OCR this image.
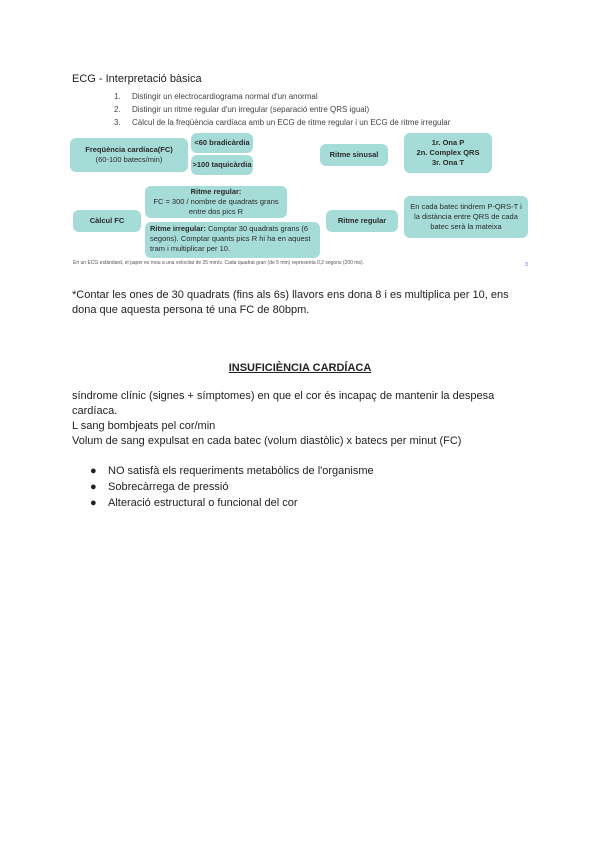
ECG - Interpretació bàsica
1. Distingir un electrocardiograma normal d'un anormal
2. Distingir un ritme regular d'un irregular (separació entre QRS igual)
3. Càlcul de la freqüència cardíaca amb un ECG de ritme regular i un ECG de ritme irregular
Freqüència cardíaca(FC)
(60-100 batecs/min)
<60 bradicàrdia
>100 taquicàrdia
Ritme sinusal
1r. Ona P
2n. Complex QRS
3r. Ona T
Càlcul FC
Ritme regular:
FC = 300 / nombre de quadrats grans entre dos pics R
Ritme irregular: Comptar 30 quadrats grans (6 segons). Comptar quants pics R hi ha en aquest tram i multiplicar per 10.
Ritme regular
En cada batec tindrem P-QRS-T i la distància entre QRS de cada batec serà la mateixa
En un ECG estàndard, el paper es mou a una velocitat de 25 mm/s. Cada quadrat gran (de 5 mm) representa 0,2 segons (200 ms).	3
*Contar les ones de 30 quadrats (fins als 6s) llavors ens dona 8 i es multiplica per 10, ens dona que aquesta persona té una FC de 80bpm.
INSUFICIÈNCIA CARDÍACA
síndrome clínic (signes + símptomes) en que el cor és incapaç de mantenir la despesa cardíaca.
L sang bombjeats pel cor/min
Volum de sang expulsat en cada batec (volum diastòlic) x batecs per minut (FC)
● NO satisfà els requeriments metabòlics de l'organisme
● Sobrecàrrega de pressió
● Alteració estructural o funcional del cor
